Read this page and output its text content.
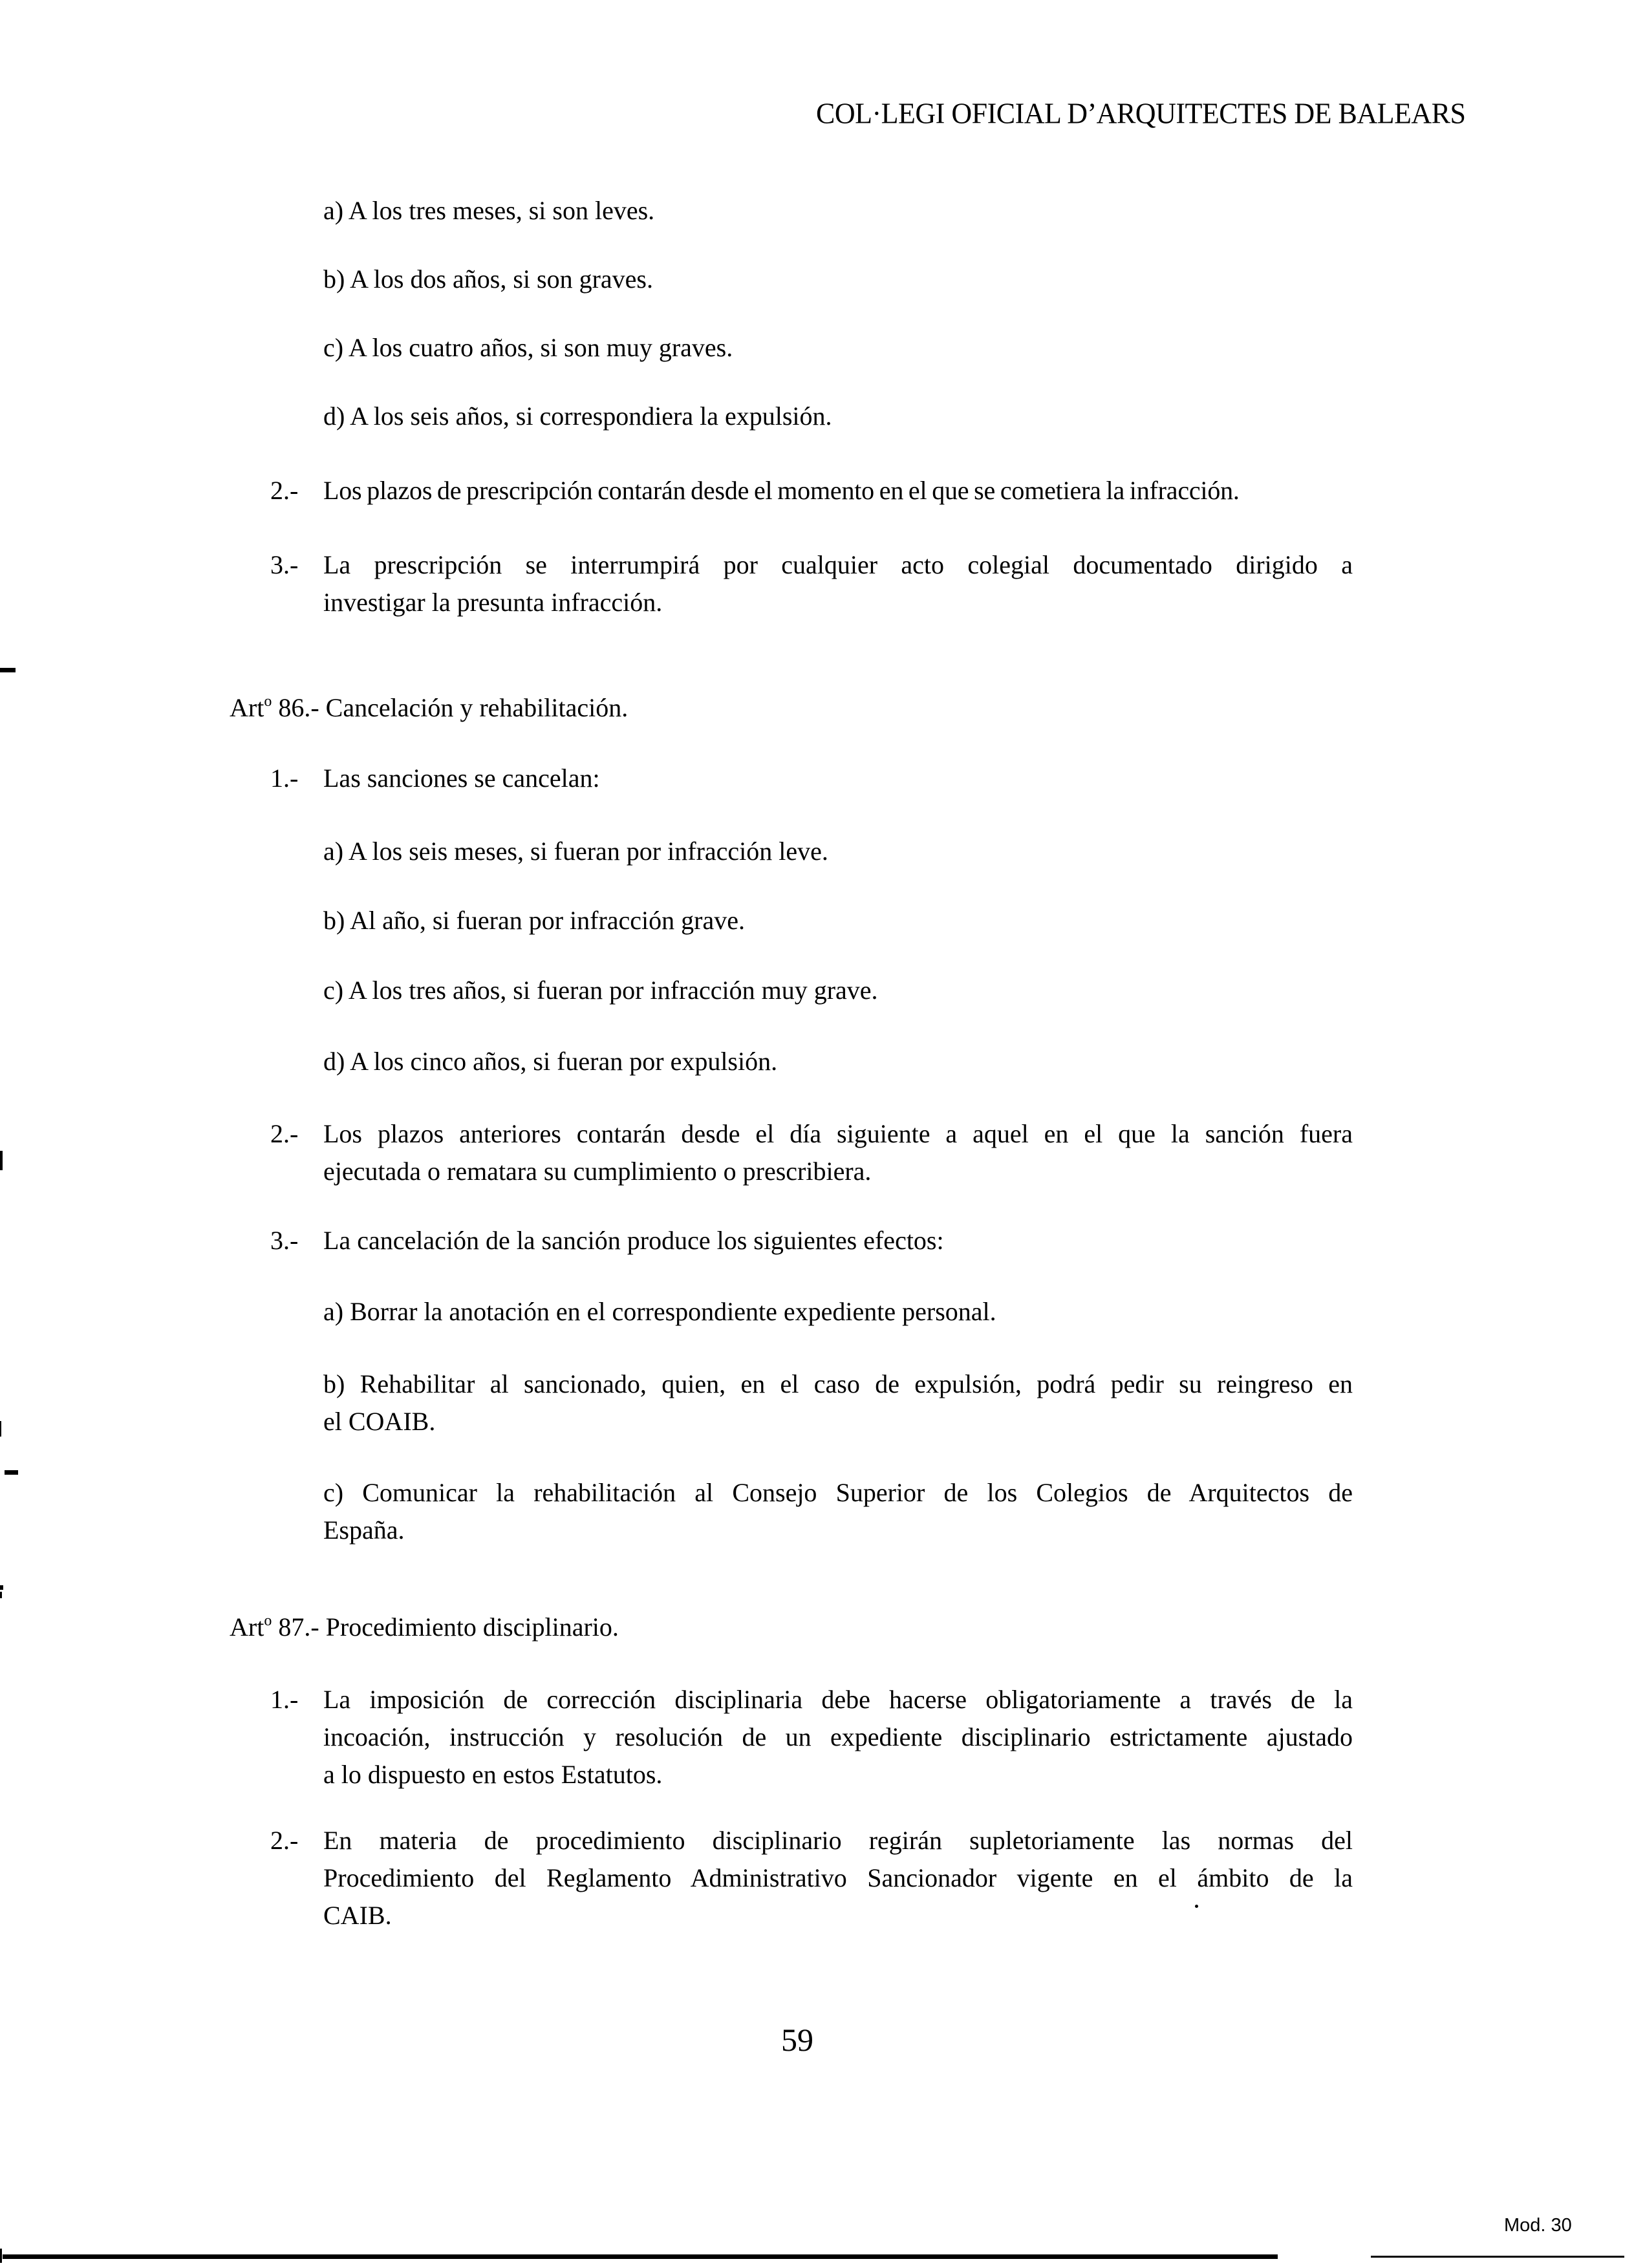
COL·LEGI OFICIAL D’ARQUITECTES DE BALEARS
a) A los tres meses, si son leves.
b) A los dos años, si son graves.
c) A los cuatro años, si son muy graves.
d) A los seis años, si correspondiera la expulsión.
2.- Los plazos de prescripción contarán desde el momento en el que se cometiera la infracción.
3.- La prescripción se interrumpirá por cualquier acto colegial documentado dirigido a
investigar la presunta infracción.
Art$^o$ 86.- Cancelación y rehabilitación.
1.- Las sanciones se cancelan:
a) A los seis meses, si fueran por infracción leve.
b) Al año, si fueran por infracción grave.
c) A los tres años, si fueran por infracción muy grave.
d) A los cinco años, si fueran por expulsión.
2.- Los plazos anteriores contarán desde el día siguiente a aquel en el que la sanción fuera
ejecutada o rematara su cumplimiento o prescribiera.
3.- La cancelación de la sanción produce los siguientes efectos:
a) Borrar la anotación en el correspondiente expediente personal.
b) Rehabilitar al sancionado, quien, en el caso de expulsión, podrá pedir su reingreso en
el COAIB.
c) Comunicar la rehabilitación al Consejo Superior de los Colegios de Arquitectos de
España.
Art$^o$ 87.- Procedimiento disciplinario.
1.- La imposición de corrección disciplinaria debe hacerse obligatoriamente a través de la
incoación, instrucción y resolución de un expediente disciplinario estrictamente ajustado
a lo dispuesto en estos Estatutos.
2.- En materia de procedimiento disciplinario regirán supletoriamente las normas del
Procedimiento del Reglamento Administrativo Sancionador vigente en el ámbito de la
CAIB.
59
Mod. 30
